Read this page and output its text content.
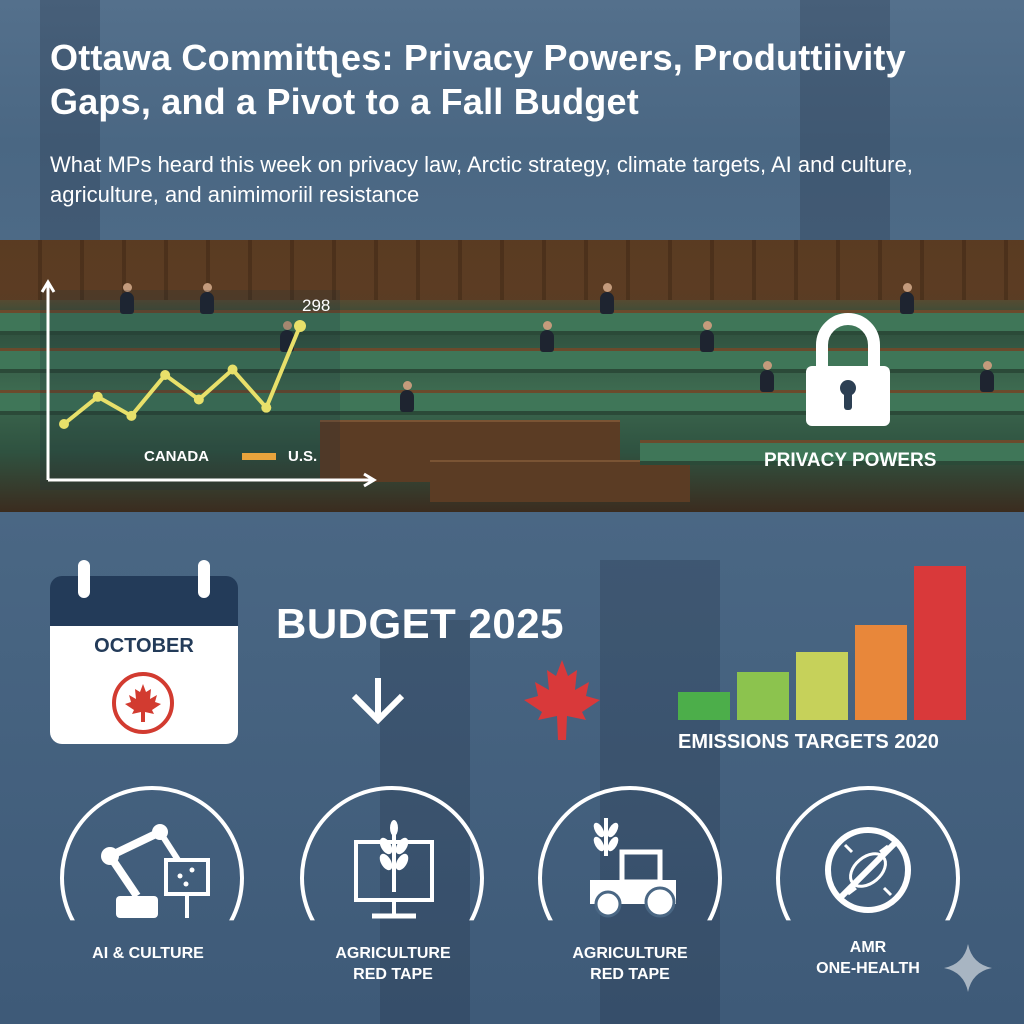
Ottawa Committʅes: Privacy Powers, Produttiivity Gaps, and a Pivot to a Fall Budget

What MPs heard this week on privacy law, Arctic strategy, climate targets, AI and culture, agriculture, and animimoriil resistance

298
CANADA	U.S.	PRIVACY POWERS
OCTOBER	BUDGET 2025
EMISSIONS TARGETS 2020
AI & CULTURE	AGRICULTURE
RED TAPE
AGRICULTURE
RED TAPE
AMR
ONE-HEALTH
